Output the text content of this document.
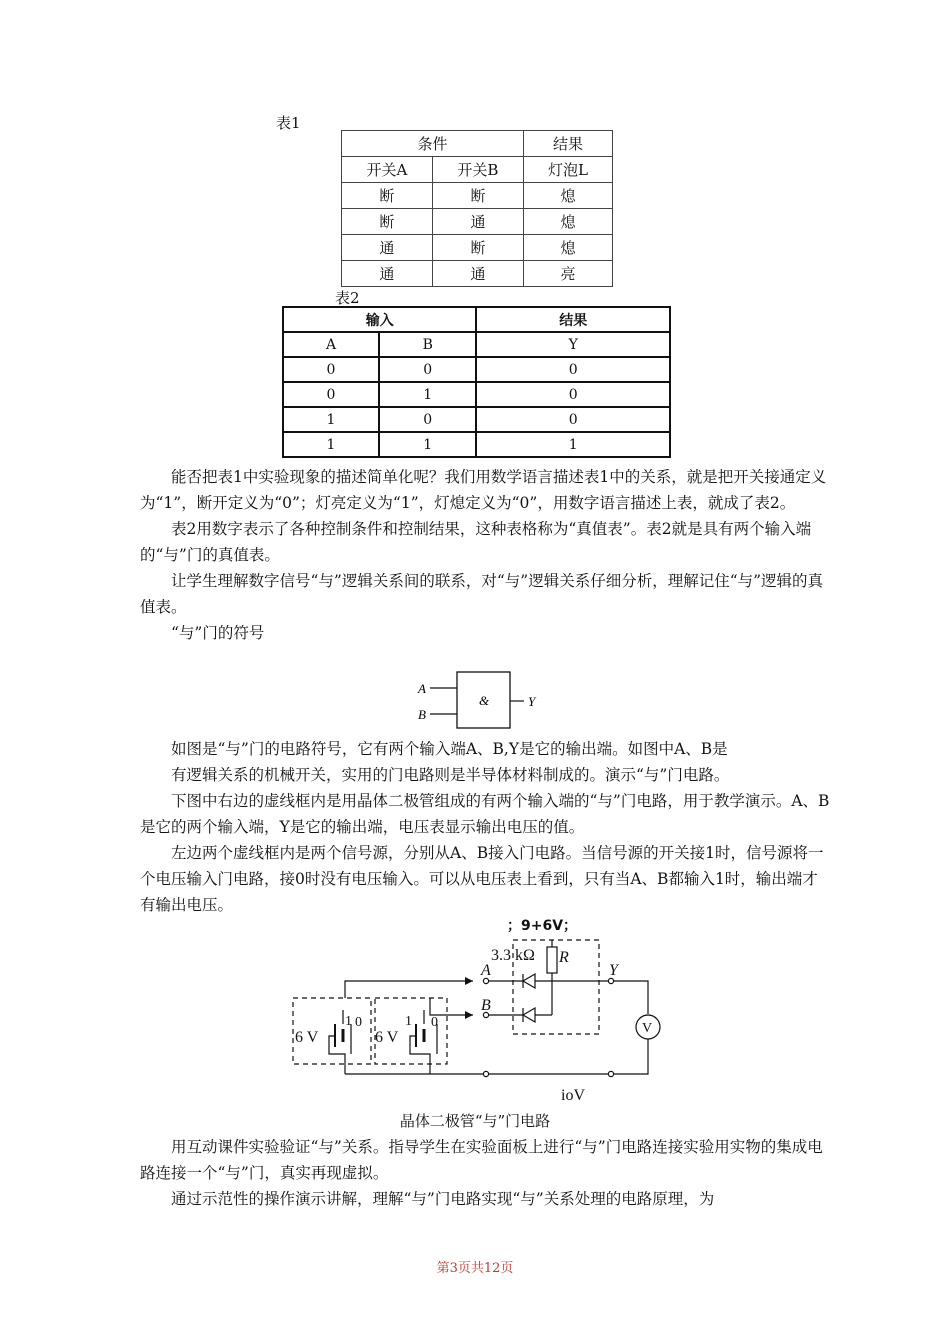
表1
条件		结果
开关A	开关B	灯泡L
断	断	熄
断	通	熄
通	断	熄
通	通	亮
表2
输入		结果
A	B	Y
0	0	0
0	1	0
1	0	0
1	1	1

能否把表1中实验现象的描述简单化呢？我们用数学语言描述表1中的关系，就是把开关接通定义为“1”，断开定义为“0”；灯亮定义为“1”，灯熄定义为“0”，用数字语言描述上表，就成了表2。

表2用数字表示了各种控制条件和控制结果，这种表格称为“真值表”。表2就是具有两个输入端的“与”门的真值表。

让学生理解数字信号“与”逻辑关系间的联系，对“与”逻辑关系仔细分析，理解记住“与”逻辑的真值表。

“与”门的符号

A
B
Y
&

如图是“与”门的电路符号，它有两个输入端A、B,Y是它的输出端。如图中A、B是

有逻辑关系的机械开关，实用的门电路则是半导体材料制成的。演示“与”门电路。

下图中右边的虚线框内是用晶体二极管组成的有两个输入端的“与”门电路，用于教学演示。A、B是它的两个输入端，Y是它的输出端，电压表显示输出电压的值。

左边两个虚线框内是两个信号源，分别从A、B接入门电路。当信号源的开关接1时，信号源将一个电压输入门电路，接0时没有电压输入。可以从电压表上看到，只有当A、B都输入1时，输出端才有输出电压。

；9+6V；
3.3 kΩ R
A
B
Y
V
ioV
6 V
1 0
6 V
1 0
晶体二极管“与”门电路

用互动课件实验验证“与”关系。指导学生在实验面板上进行“与”门电路连接实验用实物的集成电路连接一个“与”门，真实再现虚拟。

通过示范性的操作演示讲解，理解“与”门电路实现“与”关系处理的电路原理，为

第3页共12页
